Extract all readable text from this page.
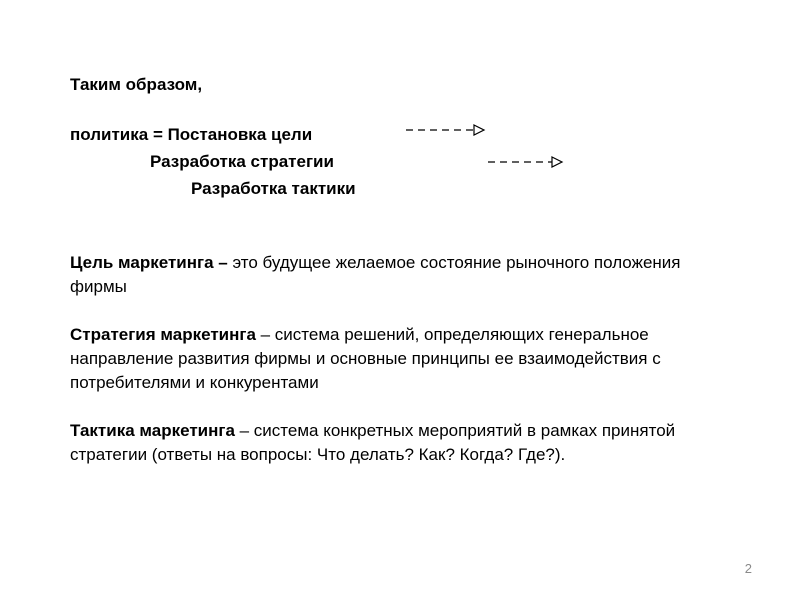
Таким образом,
политика = Постановка цели
Разработка стратегии
Разработка тактики
Цель маркетинга – это будущее желаемое состояние рыночного положения фирмы
Стратегия маркетинга – система решений, определяющих генеральное направление развития фирмы и основные принципы ее взаимодействия с потребителями и конкурентами
Тактика маркетинга – система конкретных мероприятий в рамках принятой стратегии (ответы на вопросы: Что делать? Как? Когда? Где?).
2
